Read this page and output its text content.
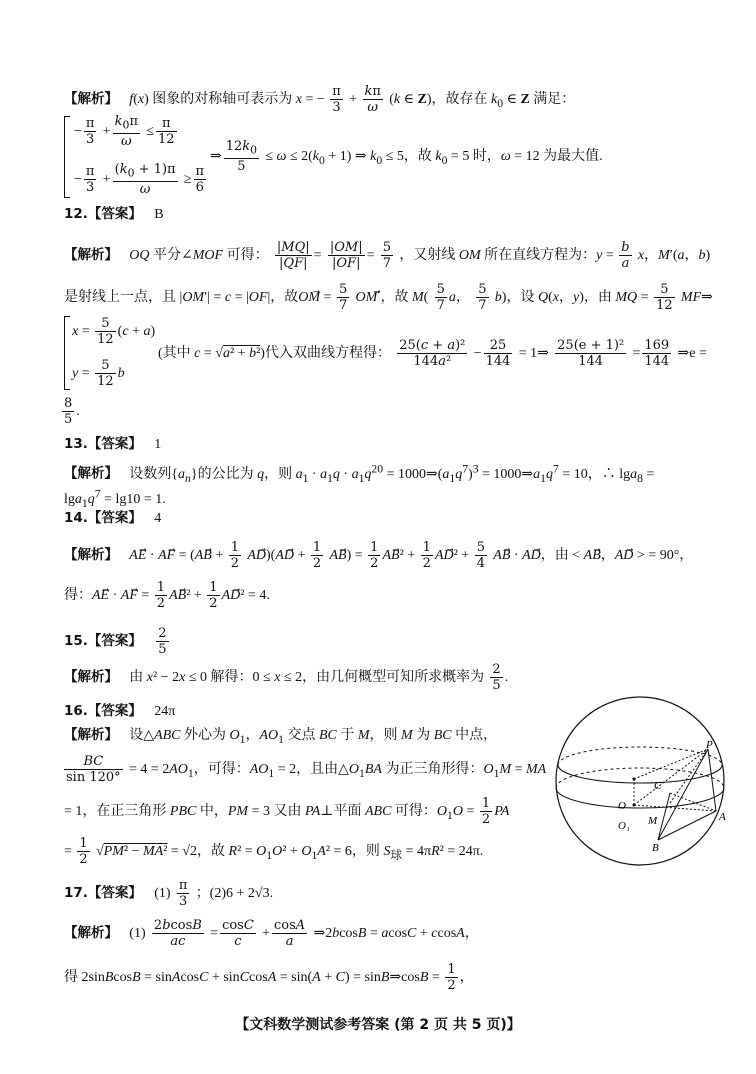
【解析】 f(x) 图象的对称轴可表示为 x = − $\frac{\pi}{3} + \frac{k\pi}{\omega} (k$ ∈ Z)，故存在 $k_0$ ∈ Z 满足：
− $\frac{\pi}{3} + \frac{k_0\pi}{\omega} \le \frac{\pi}{12}$
− $\frac{\pi}{3} + \frac{(k_0 + 1)\pi}{\omega} \ge \frac{\pi}{6}$
⇒ $\frac{12k_0}{5} \le \omega \le 2(k_0 + 1)$ ⇒ $k_0 \le 5$，故 $k_0 = 5$ 时，ω = 12 为最大值.
12.【答案】 B
【解析】 OQ 平分∠MOF 可得： $\frac{|MQ|}{|QF|} = \frac{|OM|}{|OF|} = \frac{5}{7}$ ，又射线 OM 所在直线方程为：$y = \frac{b}{a}$ x，M′(a，b)
是射线上一点，且 |OM′| = c = |OF|，故OM⃗ = $\frac{5}{7}$ OM′⃗，故 $M( \frac{5}{7}$ a， $\frac{5}{7} b$)，设 Q(x，y)，由 MQ = $\frac{5}{12}$ MF⇒
$x = \frac{5}{12} (c + a)$
$y = \frac{5}{12}$ b
(其中 c = √a² + b²)代入双曲线方程得： $\frac{\text{25(c + a)²}}{\text{144a²}} - \frac{25}{144}$ = 1⇒ $\frac{\text{25(e + 1)²}}{144} = \frac{169}{144}$ ⇒e =
$\frac{8}{5}$ .
13.【答案】 1
【解析】   设数列$\{a_n\}$的公比为 q，则 $a_1 \cdot a_1q \cdot a_1q^{20}$ = $1000\Rightarrow(a_1q^7)^3$ = $1000\Rightarrow a_1q^7 = 10$，∴ lga$_8$ =
$\lg a_1q^7 = \lg 10 = 1$.
14.【答案】 4
【解析】 AE⃗ · AF⃗ = (AB⃗ + $\frac{1}{2}$ AD⃗)(AD⃗ + $\frac{1}{2}$ AB⃗) = $\frac{1}{2}$ AB⃗² + $\frac{1}{2}$ AD⃗² + $\frac{5}{4}$ AB⃗ · AD⃗，由 < AB⃗，AD⃗ > = 90°，
得：AE⃗ · AF⃗ = $\frac{1}{2}$ AB⃗² + $\frac{1}{2}$ AD⃗² = 4.
15.【答案】 $\frac{2}{5}$
【解析】   由 x² − 2x ≤ 0 解得：0 ≤ x ≤ 2，由几何概型可知所求概率为 $\frac{2}{5}$ .
16.【答案】 24π
【解析】   设△ABC 外心为 $O_1$，$AO_1$ 交点 BC 于 M，则 M 为 BC 中点，
$\frac{BC}{\sin 120^\circ} = 4 = 2AO_1$，可得：$AO_1 = 2$，且由$\triangle O_1BA$ 为正三角形得：$O_1M$ = MA
= 1，在正三角形 PBC 中，PM = 3 又由 PA⊥平面 ABC 可得：$O_1O = \frac{1}{2}$ PA
= $\frac{1}{2} √PM^2 - MA^2 = √2$，故 $R^2 = O_1O^2 + O_1A^2 = 6$，则 $S_球 = 4\pi R^2 = 24\pi$.
P
O
C
O₁ M	A
B
17.【答案】 $(1) \frac{\pi}{3}$ ；(2)6 + 2√3.
【解析】   $(1) \frac{2bcosB}{ac} = \frac{\cos C}{c} + \frac{\cos A}{a}$ ⇒2bcosB = acosC + ccosA，
得 2sinBcosB = sinAcosC + sinCcosA = sin(A + C) = sinB⇒cosB = $\frac{1}{2}$ ，
【文科数学测试参考答案 (第 2 页 共 5 页)】
